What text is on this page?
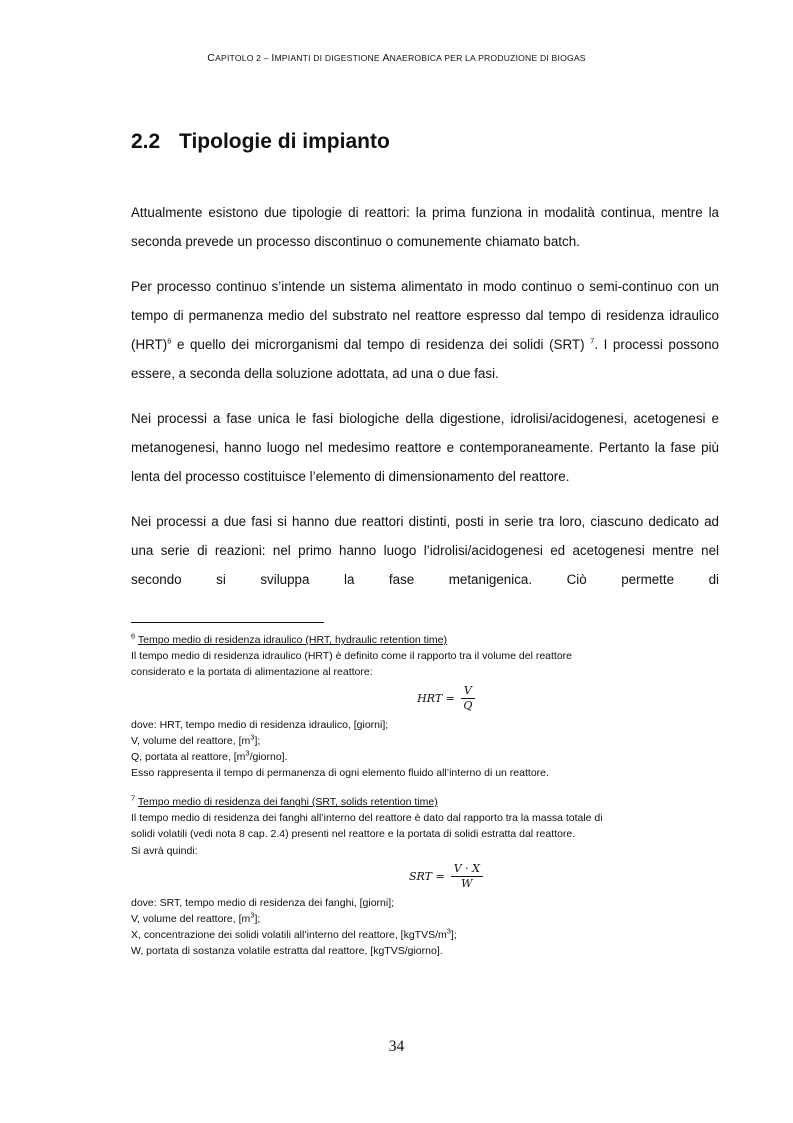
CAPITOLO 2 – IMPIANTI DI DIGESTIONE ANAEROBICA PER LA PRODUZIONE DI BIOGAS
2.2 Tipologie di impianto

Attualmente esistono due tipologie di reattori: la prima funziona in modalità continua, mentre la seconda prevede un processo discontinuo o comunemente chiamato batch.

Per processo continuo s’intende un sistema alimentato in modo continuo o semi-continuo con un tempo di permanenza medio del substrato nel reattore espresso dal tempo di residenza idraulico (HRT)$^6$ e quello dei microrganismi dal tempo di residenza dei solidi (SRT) $^7$. I processi possono essere, a seconda della soluzione adottata, ad una o due fasi.

Nei processi a fase unica le fasi biologiche della digestione, idrolisi/acidogenesi, acetogenesi e metanogenesi, hanno luogo nel medesimo reattore e contemporaneamente. Pertanto la fase più lenta del processo costituisce l’elemento di dimensionamento del reattore.

Nei processi a due fasi si hanno due reattori distinti, posti in serie tra loro, ciascuno dedicato ad una serie di reazioni: nel primo hanno luogo l’idrolisi/acidogenesi ed acetogenesi mentre nel secondo si sviluppa la fase metanigenica. Ciò permette di

$^6$ Tempo medio di residenza idraulico (HRT, hydraulic retention time)
Il tempo medio di residenza idraulico (HRT) è definito come il rapporto tra il volume del reattore
considerato e la portata di alimentazione al reattore:
HRT = $\frac{V}{Q}$
dove: HRT, tempo medio di residenza idraulico, [giorni];
V, volume del reattore, $[m^3]$;
Q, portata al reattore, $[m^3/giorno]$.
Esso rappresenta il tempo di permanenza di ogni elemento fluido all’interno di un reattore.
$^7$ Tempo medio di residenza dei fanghi (SRT, solids retention time)
Il tempo medio di residenza dei fanghi all’interno del reattore è dato dal rapporto tra la massa totale di
solidi volatili (vedi nota 8 cap. 2.4) presenti nel reattore e la portata di solidi estratta dal reattore.
Si avrà quindi:
SRT = $\frac{V \cdot X}{W}$
dove: SRT, tempo medio di residenza dei fanghi, [giorni];
V, volume del reattore, $[m^3]$;
X, concentrazione dei solidi volatili all’interno del reattore, $[kgTVS/m^3]$;
W, portata di sostanza volatile estratta dal reattore, [kgTVS/giorno].
34
